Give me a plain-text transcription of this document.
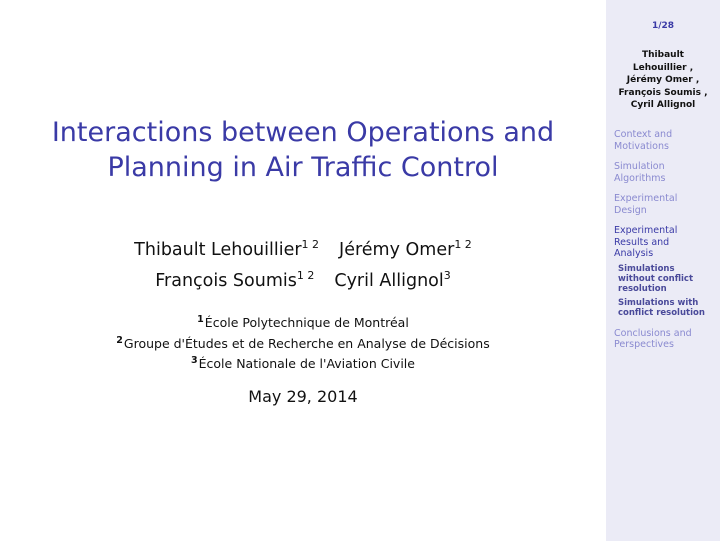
Interactions between Operations and
Planning in Air Traffic Control
Thibault Lehouillier$^{1 2}$ Jérémy Omer$^{1 2}$
François Soumis$^{1 2}$ Cyril Allignol$^3$
$^1$École Polytechnique de Montréal
$^2$Groupe d'Études et de Recherche en Analyse de Décisions
$^3$École Nationale de l'Aviation Civile
May 29, 2014
1/28
Thibault
Lehouillier ,
Jérémy Omer ,
François Soumis ,
Cyril Allignol
Context and
Motivations
Simulation
Algorithms
Experimental
Design
Experimental
Results and
Analysis
Simulations
without conflict
resolution
Simulations with
conflict resolution
Conclusions and
Perspectives
